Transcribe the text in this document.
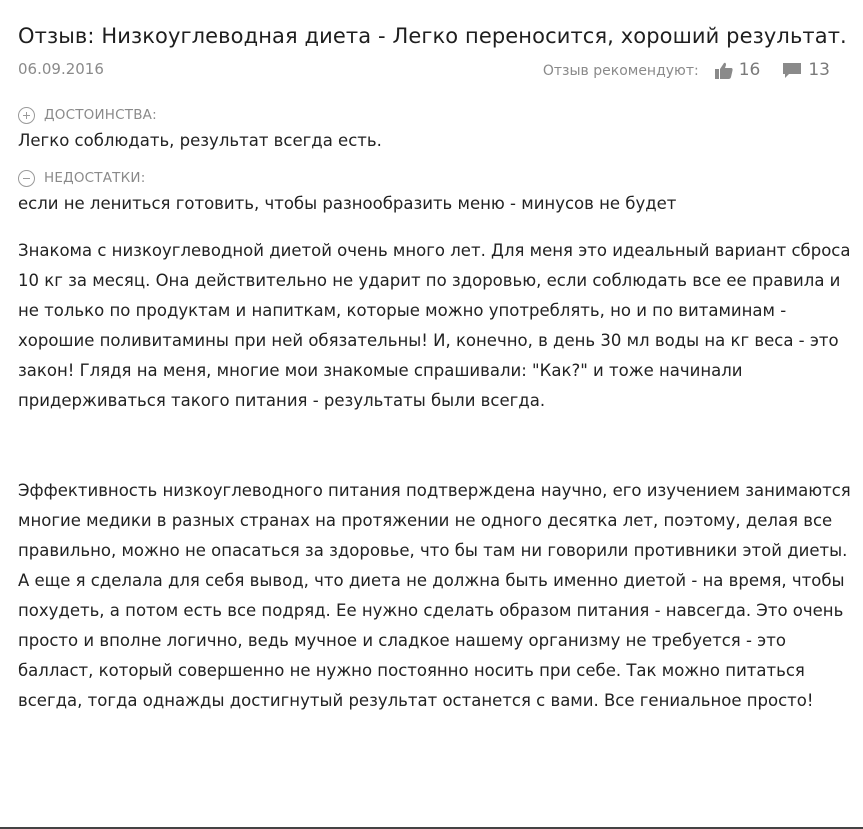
Отзыв: Низкоуглеводная диета - Легко переносится, хороший результат.
06.09.2016	Отзыв рекомендуют: 16	13
ДОСТОИНСТВА:
Легко соблюдать, результат всегда есть.
НЕДОСТАТКИ:
если не лениться готовить, чтобы разнообразить меню - минусов не будет

Знакома с низкоуглеводной диетой очень много лет. Для меня это идеальный вариант сброса 10 кг за месяц. Она действительно не ударит по здоровью, если соблюдать все ее правила и не только по продуктам и напиткам, которые можно употреблять, но и по витаминам - хорошие поливитамины при ней обязательны! И, конечно, в день 30 мл воды на кг веса - это закон! Глядя на меня, многие мои знакомые спрашивали: "Как?" и тоже начинали придерживаться такого питания - результаты были всегда.

Эффективность низкоуглеводного питания подтверждена научно, его изучением занимаются многие медики в разных странах на протяжении не одного десятка лет, поэтому, делая все правильно, можно не опасаться за здоровье, что бы там ни говорили противники этой диеты.

А еще я сделала для себя вывод, что диета не должна быть именно диетой - на время, чтобы похудеть, а потом есть все подряд. Ее нужно сделать образом питания - навсегда. Это очень просто и вполне логично, ведь мучное и сладкое нашему организму не требуется - это балласт, который совершенно не нужно постоянно носить при себе. Так можно питаться всегда, тогда однажды достигнутый результат останется с вами. Все гениальное просто!
